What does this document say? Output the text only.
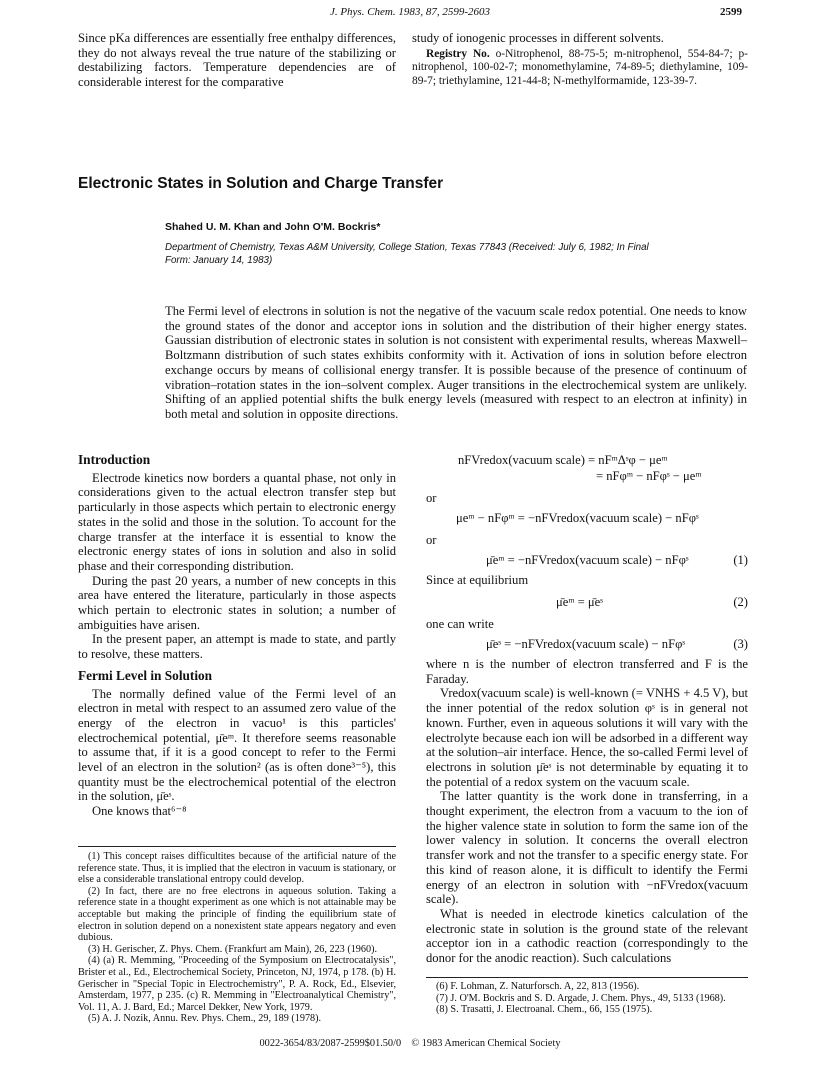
J. Phys. Chem. 1983, 87, 2599-2603	2599

Since pKa differences are essentially free enthalpy differences, they do not always reveal the true nature of the stabilizing or destabilizing factors. Temperature dependencies are of considerable interest for the comparative

study of ionogenic processes in different solvents.

Registry No. o-Nitrophenol, 88-75-5; m-nitrophenol, 554-84-7; p-nitrophenol, 100-02-7; monomethylamine, 74-89-5; diethylamine, 109-89-7; triethylamine, 121-44-8; N-methylformamide, 123-39-7.

Electronic States in Solution and Charge Transfer
Shahed U. M. Khan and John O'M. Bockris*
Department of Chemistry, Texas A&M University, College Station, Texas 77843 (Received: July 6, 1982; In Final Form: January 14, 1983)
The Fermi level of electrons in solution is not the negative of the vacuum scale redox potential. One needs to know the ground states of the donor and acceptor ions in solution and the distribution of their higher energy states. Gaussian distribution of electronic states in solution is not consistent with experimental results, whereas Maxwell–Boltzmann distribution of such states exhibits conformity with it. Activation of ions in solution before electron exchange occurs by means of collisional energy transfer. It is possible because of the presence of continuum of vibration–rotation states in the ion–solvent complex. Auger transitions in the electrochemical system are unlikely. Shifting of an applied potential shifts the bulk energy levels (measured with respect to an electron at infinity) in both metal and solution in opposite directions.
Introduction

Electrode kinetics now borders a quantal phase, not only in considerations given to the actual electron transfer step but particularly in those aspects which pertain to electronic energy states in the solid and those in the solution. To account for the charge transfer at the interface it is essential to know the electronic energy states of ions in solution and also in solid phase and their corresponding distribution.

During the past 20 years, a number of new concepts in this area have entered the literature, particularly in those aspects which pertain to electronic states in solution; a number of ambiguities have arisen.

In the present paper, an attempt is made to state, and partly to resolve, these matters.

Fermi Level in Solution

The normally defined value of the Fermi level of an electron in metal with respect to an assumed zero value of the energy of the electron in vacuo¹ is this particles' electrochemical potential, μ̄eᵐ. It therefore seems reasonable to assume that, if it is a good concept to refer to the Fermi level of an electron in the solution² (as is often done³⁻⁵), this quantity must be the electrochemical potential of the electron in the solution, μ̄eˢ.

One knows that⁶⁻⁸

(1) This concept raises difficultites because of the artificial nature of the reference state. Thus, it is implied that the electron in vacuum is stationary, or else a considerable translational entropy could develop.

(2) In fact, there are no free electrons in aqueous solution. Taking a reference state in a thought experiment as one which is not attainable may be acceptable but making the principle of finding the equilibrium state of electron in solution depend on a nonexistent state appears negatory and even dubious.

(3) H. Gerischer, Z. Phys. Chem. (Frankfurt am Main), 26, 223 (1960).

(4) (a) R. Memming, "Proceeding of the Symposium on Electrocatalysis", Brister et al., Ed., Electrochemical Society, Princeton, NJ, 1974, p 178. (b) H. Gerischer in "Special Topic in Electrochemistry", P. A. Rock, Ed., Elsevier, Amsterdam, 1977, p 235. (c) R. Memming in "Electroanalytical Chemistry", Vol. 11, A. J. Bard, Ed.; Marcel Dekker, New York, 1979.

(5) A. J. Nozik, Annu. Rev. Phys. Chem., 29, 189 (1978).

nFVredox(vacuum scale) = nFᵐΔˢφ − μeᵐ
= nFφᵐ − nFφˢ − μeᵐ
or
μeᵐ − nFφᵐ = −nFVredox(vacuum scale) − nFφˢ
or
μ̄eᵐ = −nFVredox(vacuum scale) − nFφˢ	(1)
Since at equilibrium
μ̄eᵐ = μ̄eˢ	(2)
one can write
μ̄eˢ = −nFVredox(vacuum scale) − nFφˢ	(3)

where n is the number of electron transferred and F is the Faraday.

Vredox(vacuum scale) is well-known (= VNHS + 4.5 V), but the inner potential of the redox solution φˢ is in general not known. Further, even in aqueous solutions it will vary with the electrolyte because each ion will be adsorbed in a different way at the solution–air interface. Hence, the so-called Fermi level of electrons in solution μ̄eˢ is not determinable by equating it to the potential of a redox system on the vacuum scale.

The latter quantity is the work done in transferring, in a thought experiment, the electron from a vacuum to the ion of the higher valence state in solution to form the same ion of the lower valency in solution. It concerns the overall electron transfer work and not the transfer to a specific energy state. For this kind of reason alone, it is difficult to identify the Fermi energy of an electron in solution with −nFVredox(vacuum scale).

What is needed in electrode kinetics calculation of the electronic state in solution is the ground state of the relevant acceptor ion in a cathodic reaction (correspondingly to the donor for the anodic reaction). Such calculations

(6) F. Lohman, Z. Naturforsch. A, 22, 813 (1956).

(7) J. O'M. Bockris and S. D. Argade, J. Chem. Phys., 49, 5133 (1968).

(8) S. Trasatti, J. Electroanal. Chem., 66, 155 (1975).

0022-3654/83/2087-2599$01.50/0 © 1983 American Chemical Society
